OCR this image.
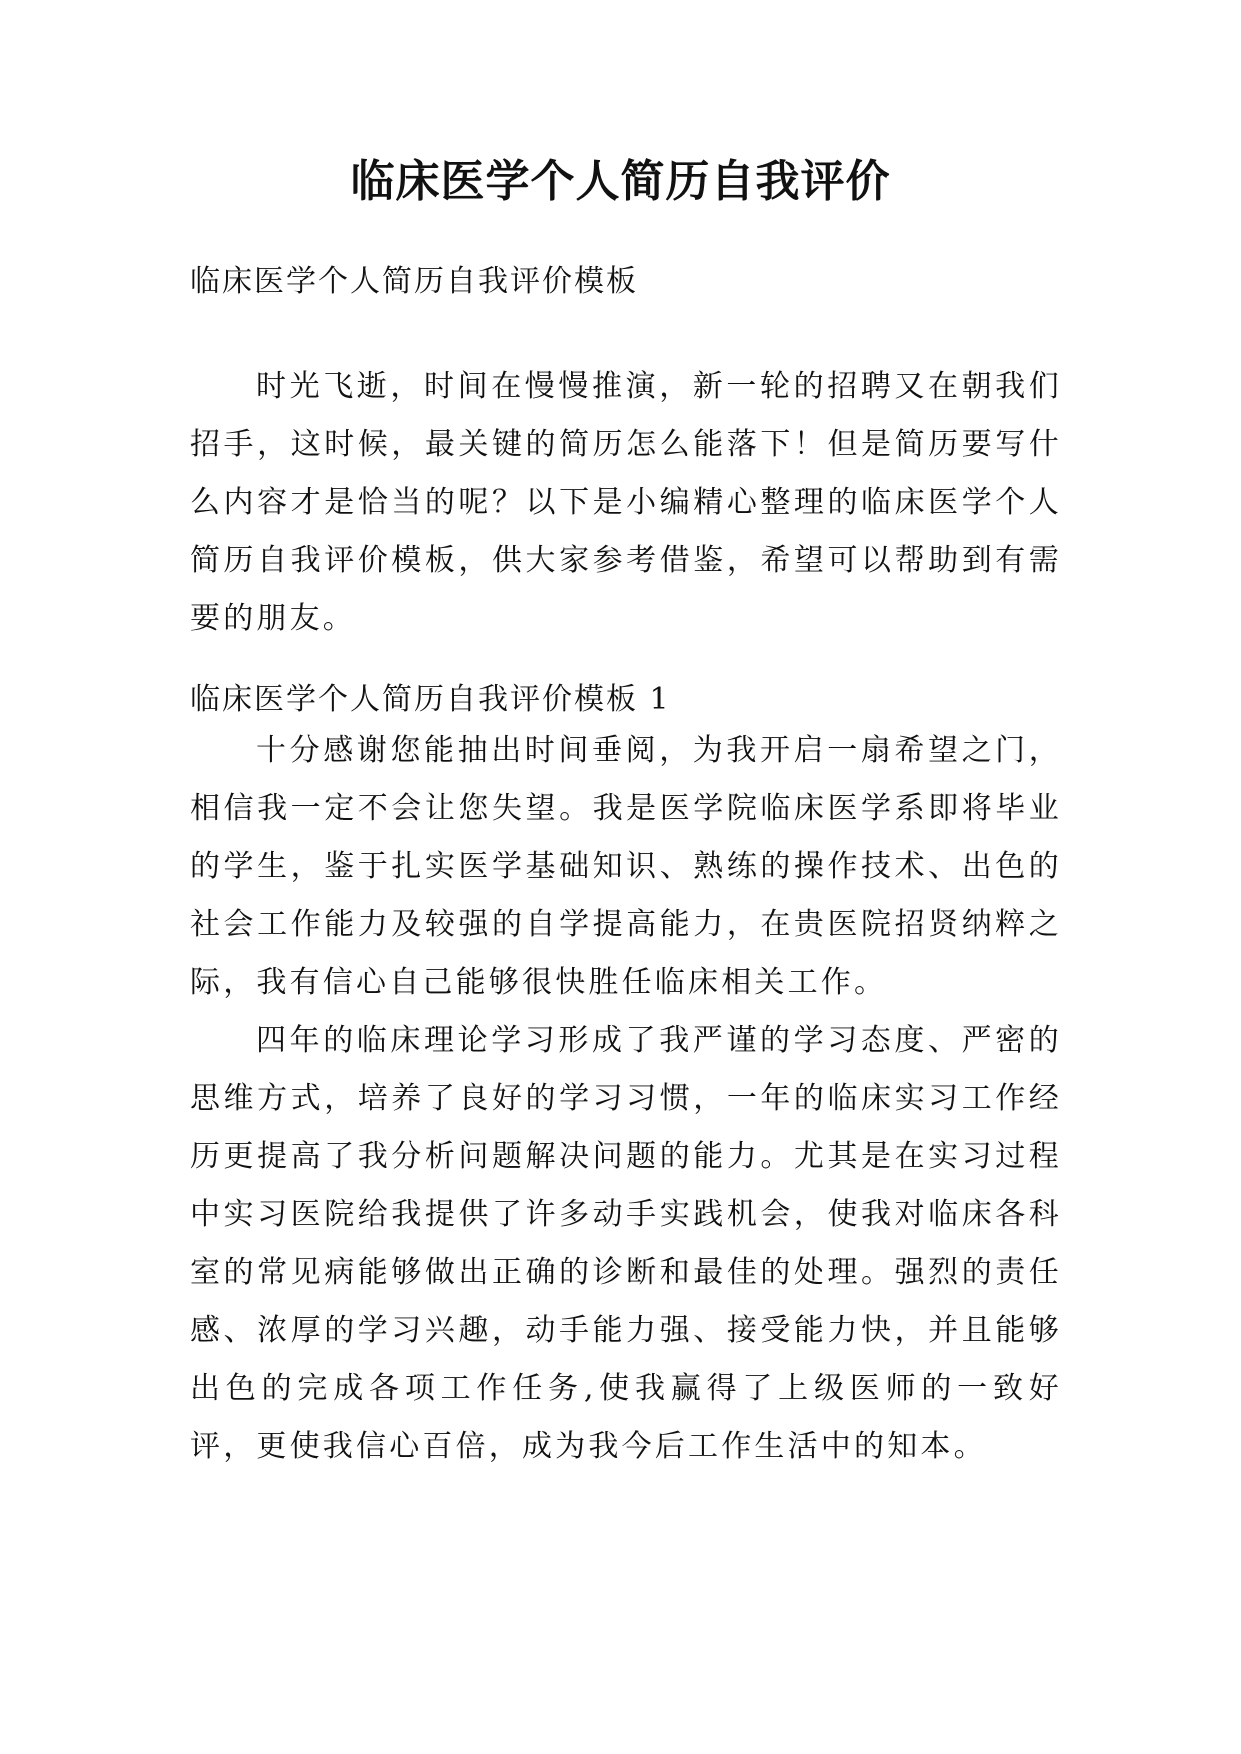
临床医学个人简历自我评价
临床医学个人简历自我评价模板
时光飞逝，时间在慢慢推演，新一轮的招聘又在朝我们招手，这时候，最关键的简历怎么能落下！但是简历要写什么内容才是恰当的呢？以下是小编精心整理的临床医学个人简历自我评价模板，供大家参考借鉴，希望可以帮助到有需要的朋友。
临床医学个人简历自我评价模板 1
十分感谢您能抽出时间垂阅，为我开启一扇希望之门，相信我一定不会让您失望。我是医学院临床医学系即将毕业的学生，鉴于扎实医学基础知识、熟练的操作技术、出色的社会工作能力及较强的自学提高能力，在贵医院招贤纳粹之际，我有信心自己能够很快胜任临床相关工作。
四年的临床理论学习形成了我严谨的学习态度、严密的思维方式，培养了良好的学习习惯，一年的临床实习工作经历更提高了我分析问题解决问题的能力。尤其是在实习过程中实习医院给我提供了许多动手实践机会，使我对临床各科室的常见病能够做出正确的诊断和最佳的处理。强烈的责任感、浓厚的学习兴趣，动手能力强、接受能力快，并且能够出色的完成各项工作任务,使我赢得了上级医师的一致好评，更使我信心百倍，成为我今后工作生活中的知本。
